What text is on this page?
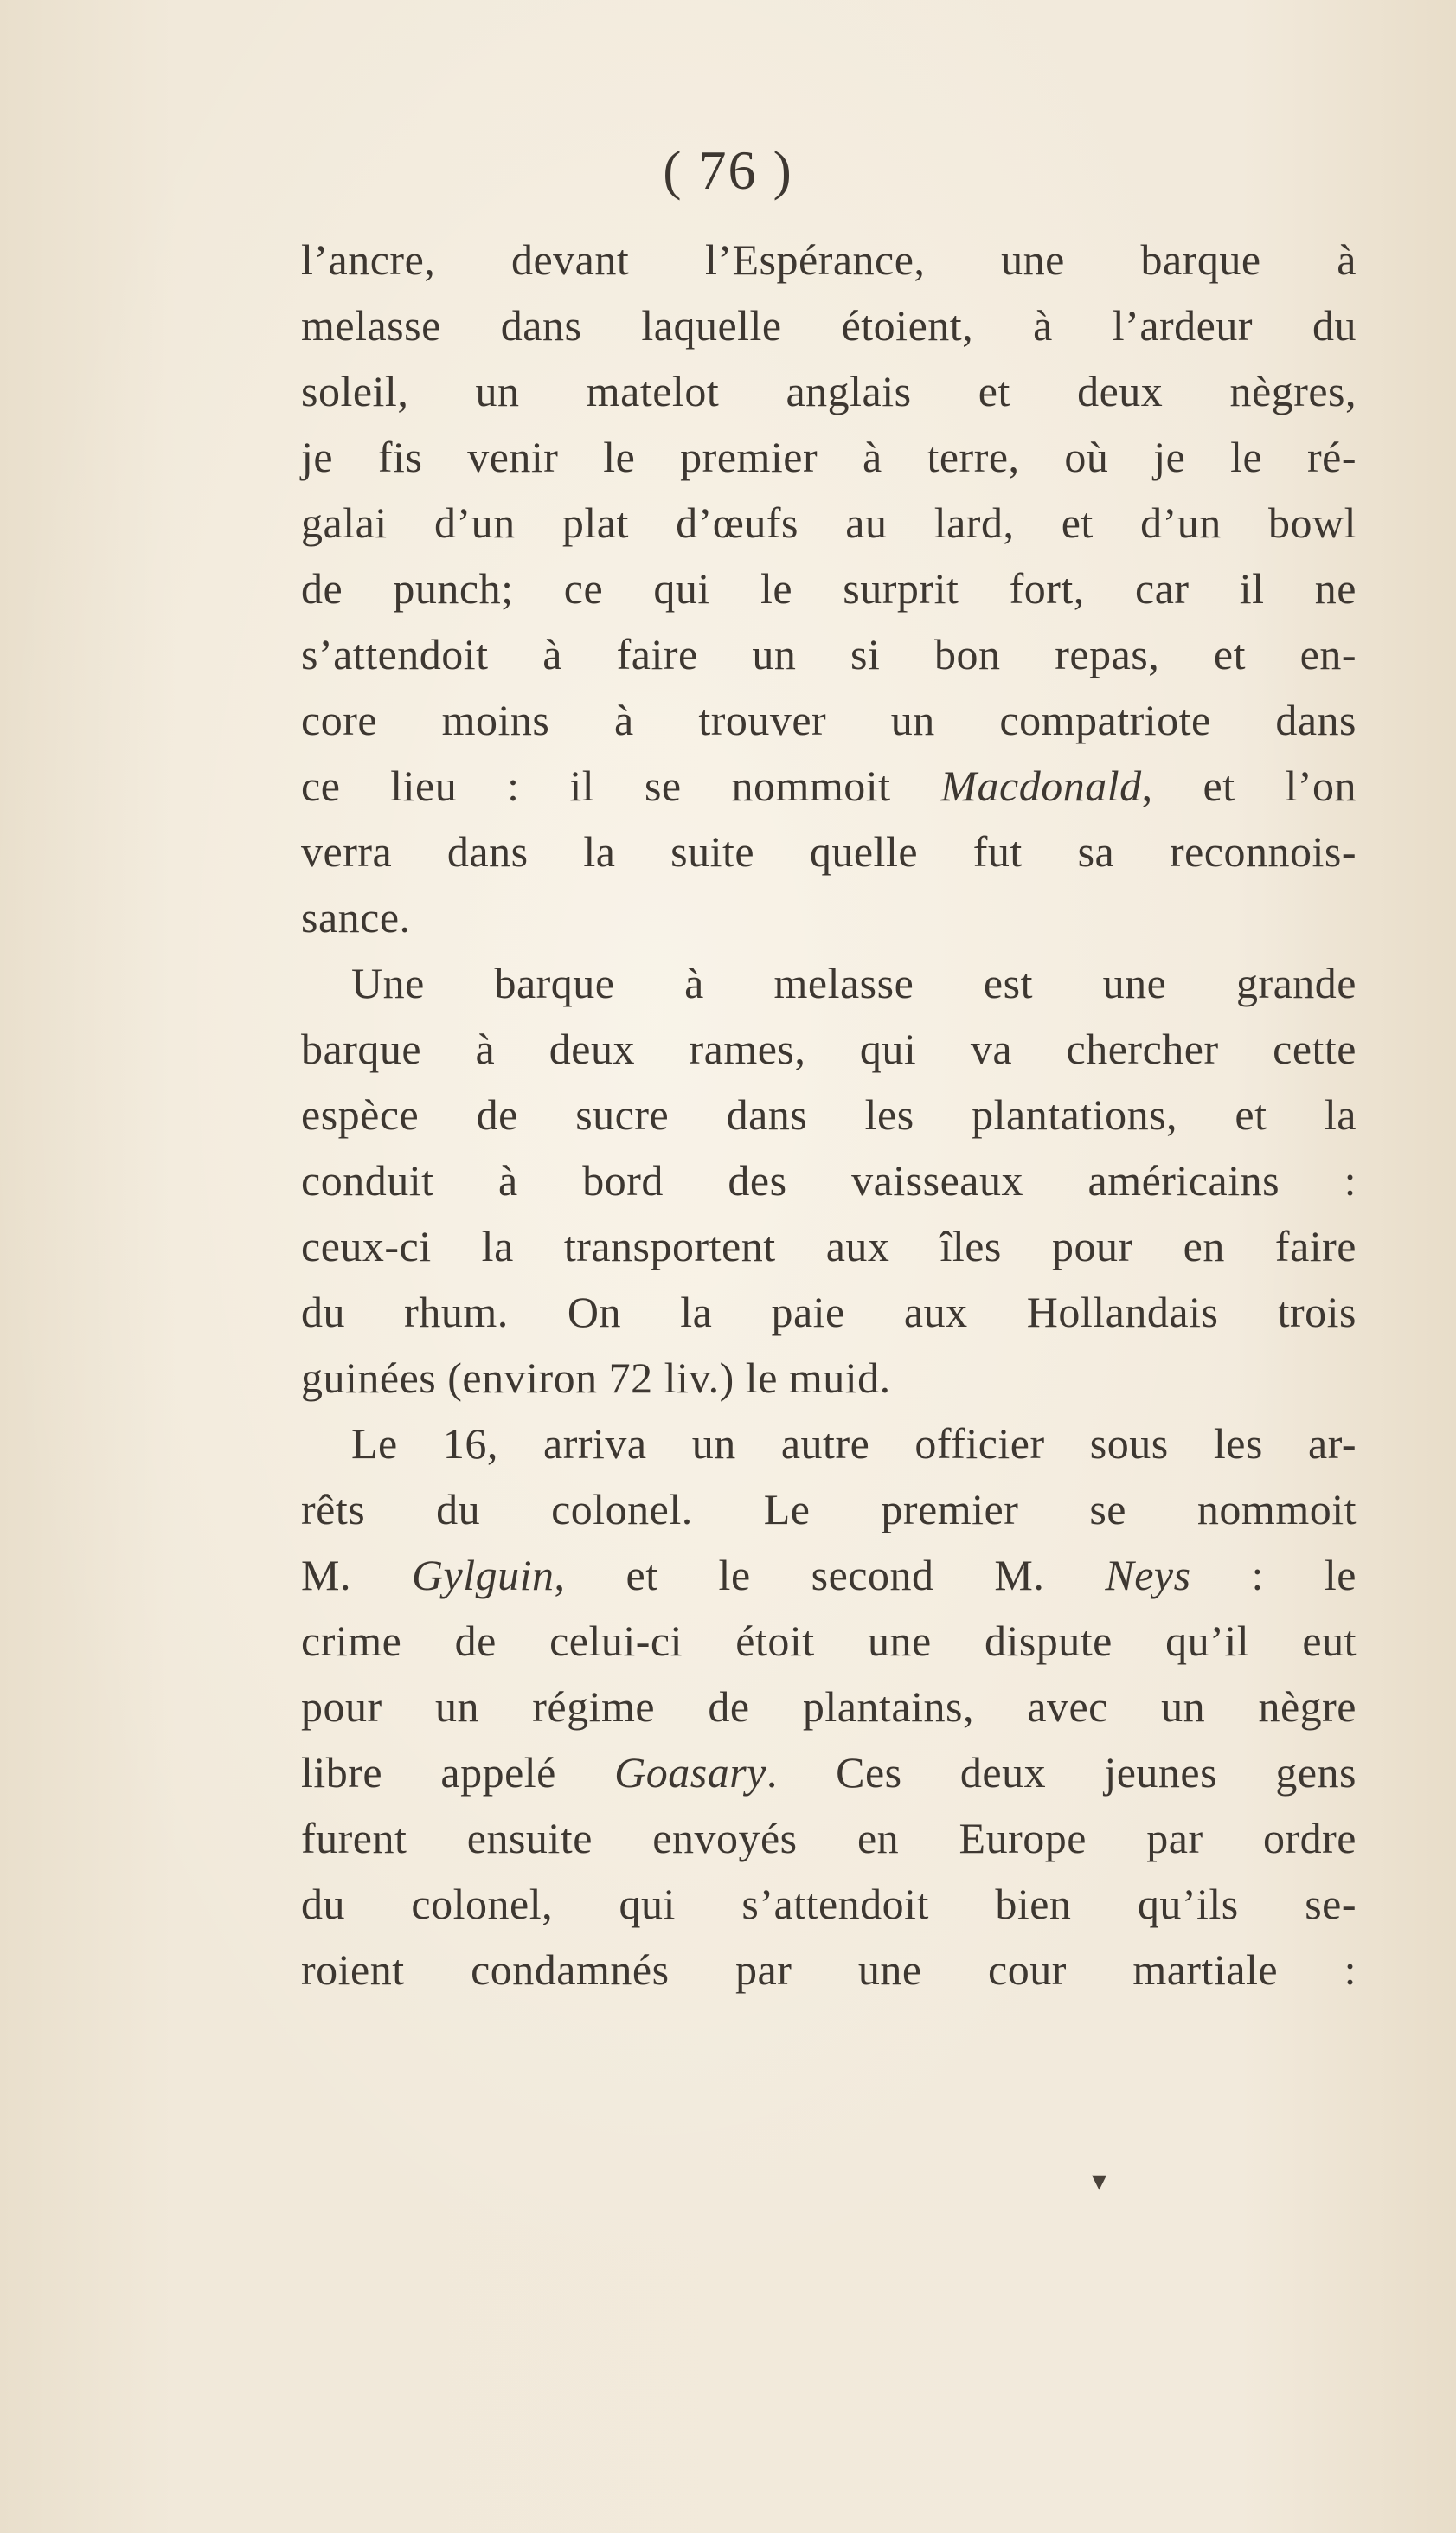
( 76 )
l’ancre, devant l’Espérance, une barque à
melasse dans laquelle étoient, à l’ardeur du
soleil, un matelot anglais et deux nègres,
je fis venir le premier à terre, où je le ré-
galai d’un plat d’œufs au lard, et d’un bowl
de punch; ce qui le surprit fort, car il ne
s’attendoit à faire un si bon repas, et en-
core moins à trouver un compatriote dans
ce lieu : il se nommoit Macdonald, et l’on
verra dans la suite quelle fut sa reconnois-
sance.
Une barque à melasse est une grande
barque à deux rames, qui va chercher cette
espèce de sucre dans les plantations, et la
conduit à bord des vaisseaux américains :
ceux-ci la transportent aux îles pour en faire
du rhum. On la paie aux Hollandais trois
guinées (environ 72 liv.) le muid.
Le 16, arriva un autre officier sous les ar-
rêts du colonel. Le premier se nommoit
M. Gylguin, et le second M. Neys : le
crime de celui-ci étoit une dispute qu’il eut
pour un régime de plantains, avec un nègre
libre appelé Goasary. Ces deux jeunes gens
furent ensuite envoyés en Europe par ordre
du colonel, qui s’attendoit bien qu’ils se-
roient condamnés par une cour martiale :
▾
